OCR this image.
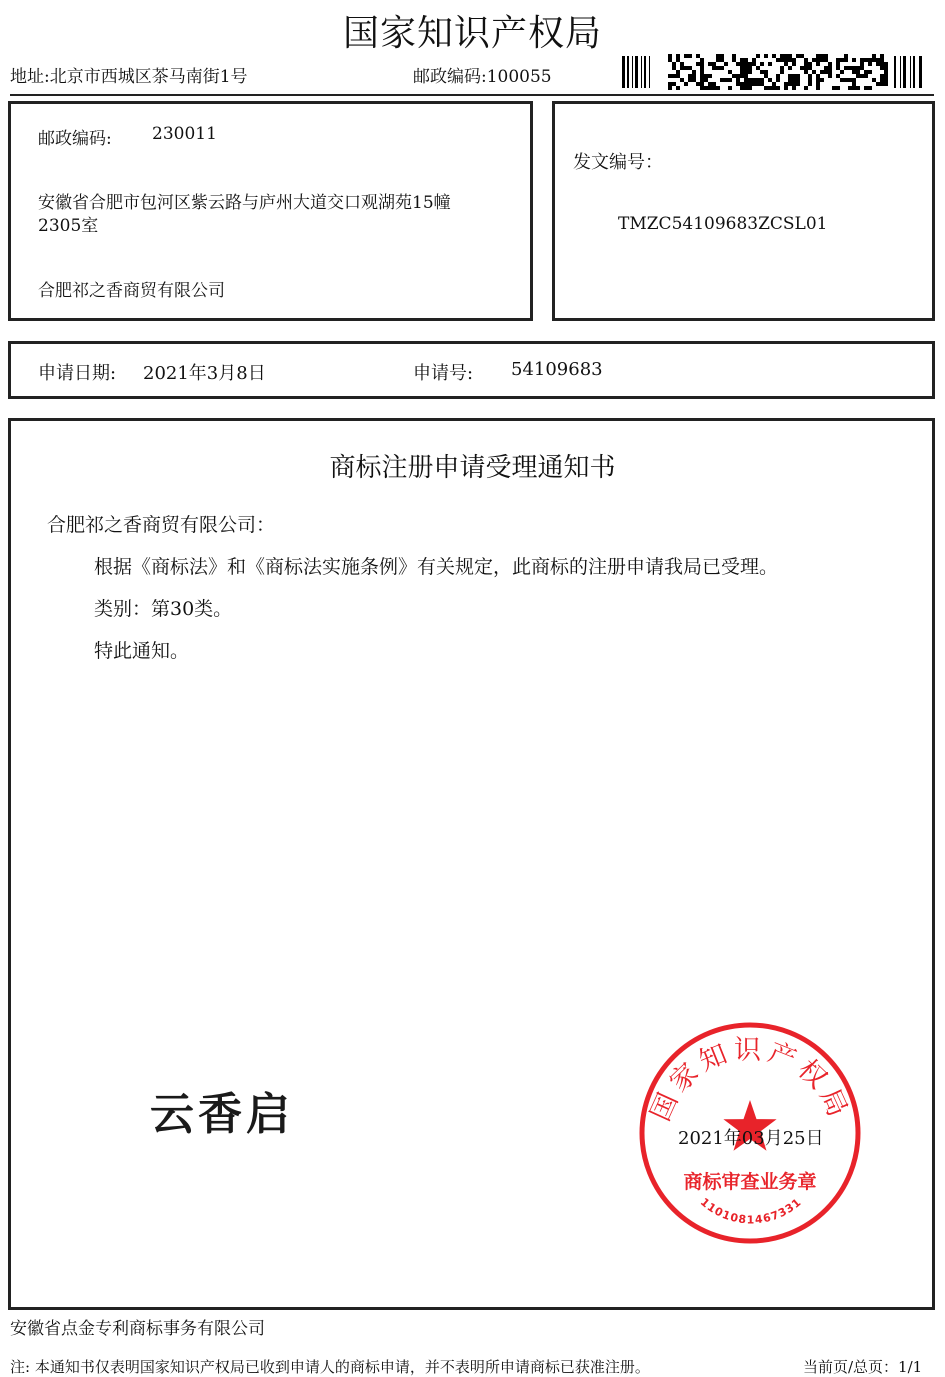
国家知识产权局
地址:北京市西城区茶马南街1号	邮政编码:100055
邮政编码: 230011
安徽省合肥市包河区紫云路与庐州大道交口观湖苑15幢
2305室
合肥祁之香商贸有限公司
发文编号：
TMZC54109683ZCSL01
申请日期: 2021年3月8日	申请号: 54109683
商标注册申请受理通知书
合肥祁之香商贸有限公司：
根据《商标法》和《商标法实施条例》有关规定，此商标的注册申请我局已受理。
类别：第30类。
特此通知。
云香启	国家知识产权局
商标审查业务章
1101081467331
2021年03月25日
安徽省点金专利商标事务有限公司
注: 本通知书仅表明国家知识产权局已收到申请人的商标申请，并不表明所申请商标已获准注册。	当前页/总页：1/1
